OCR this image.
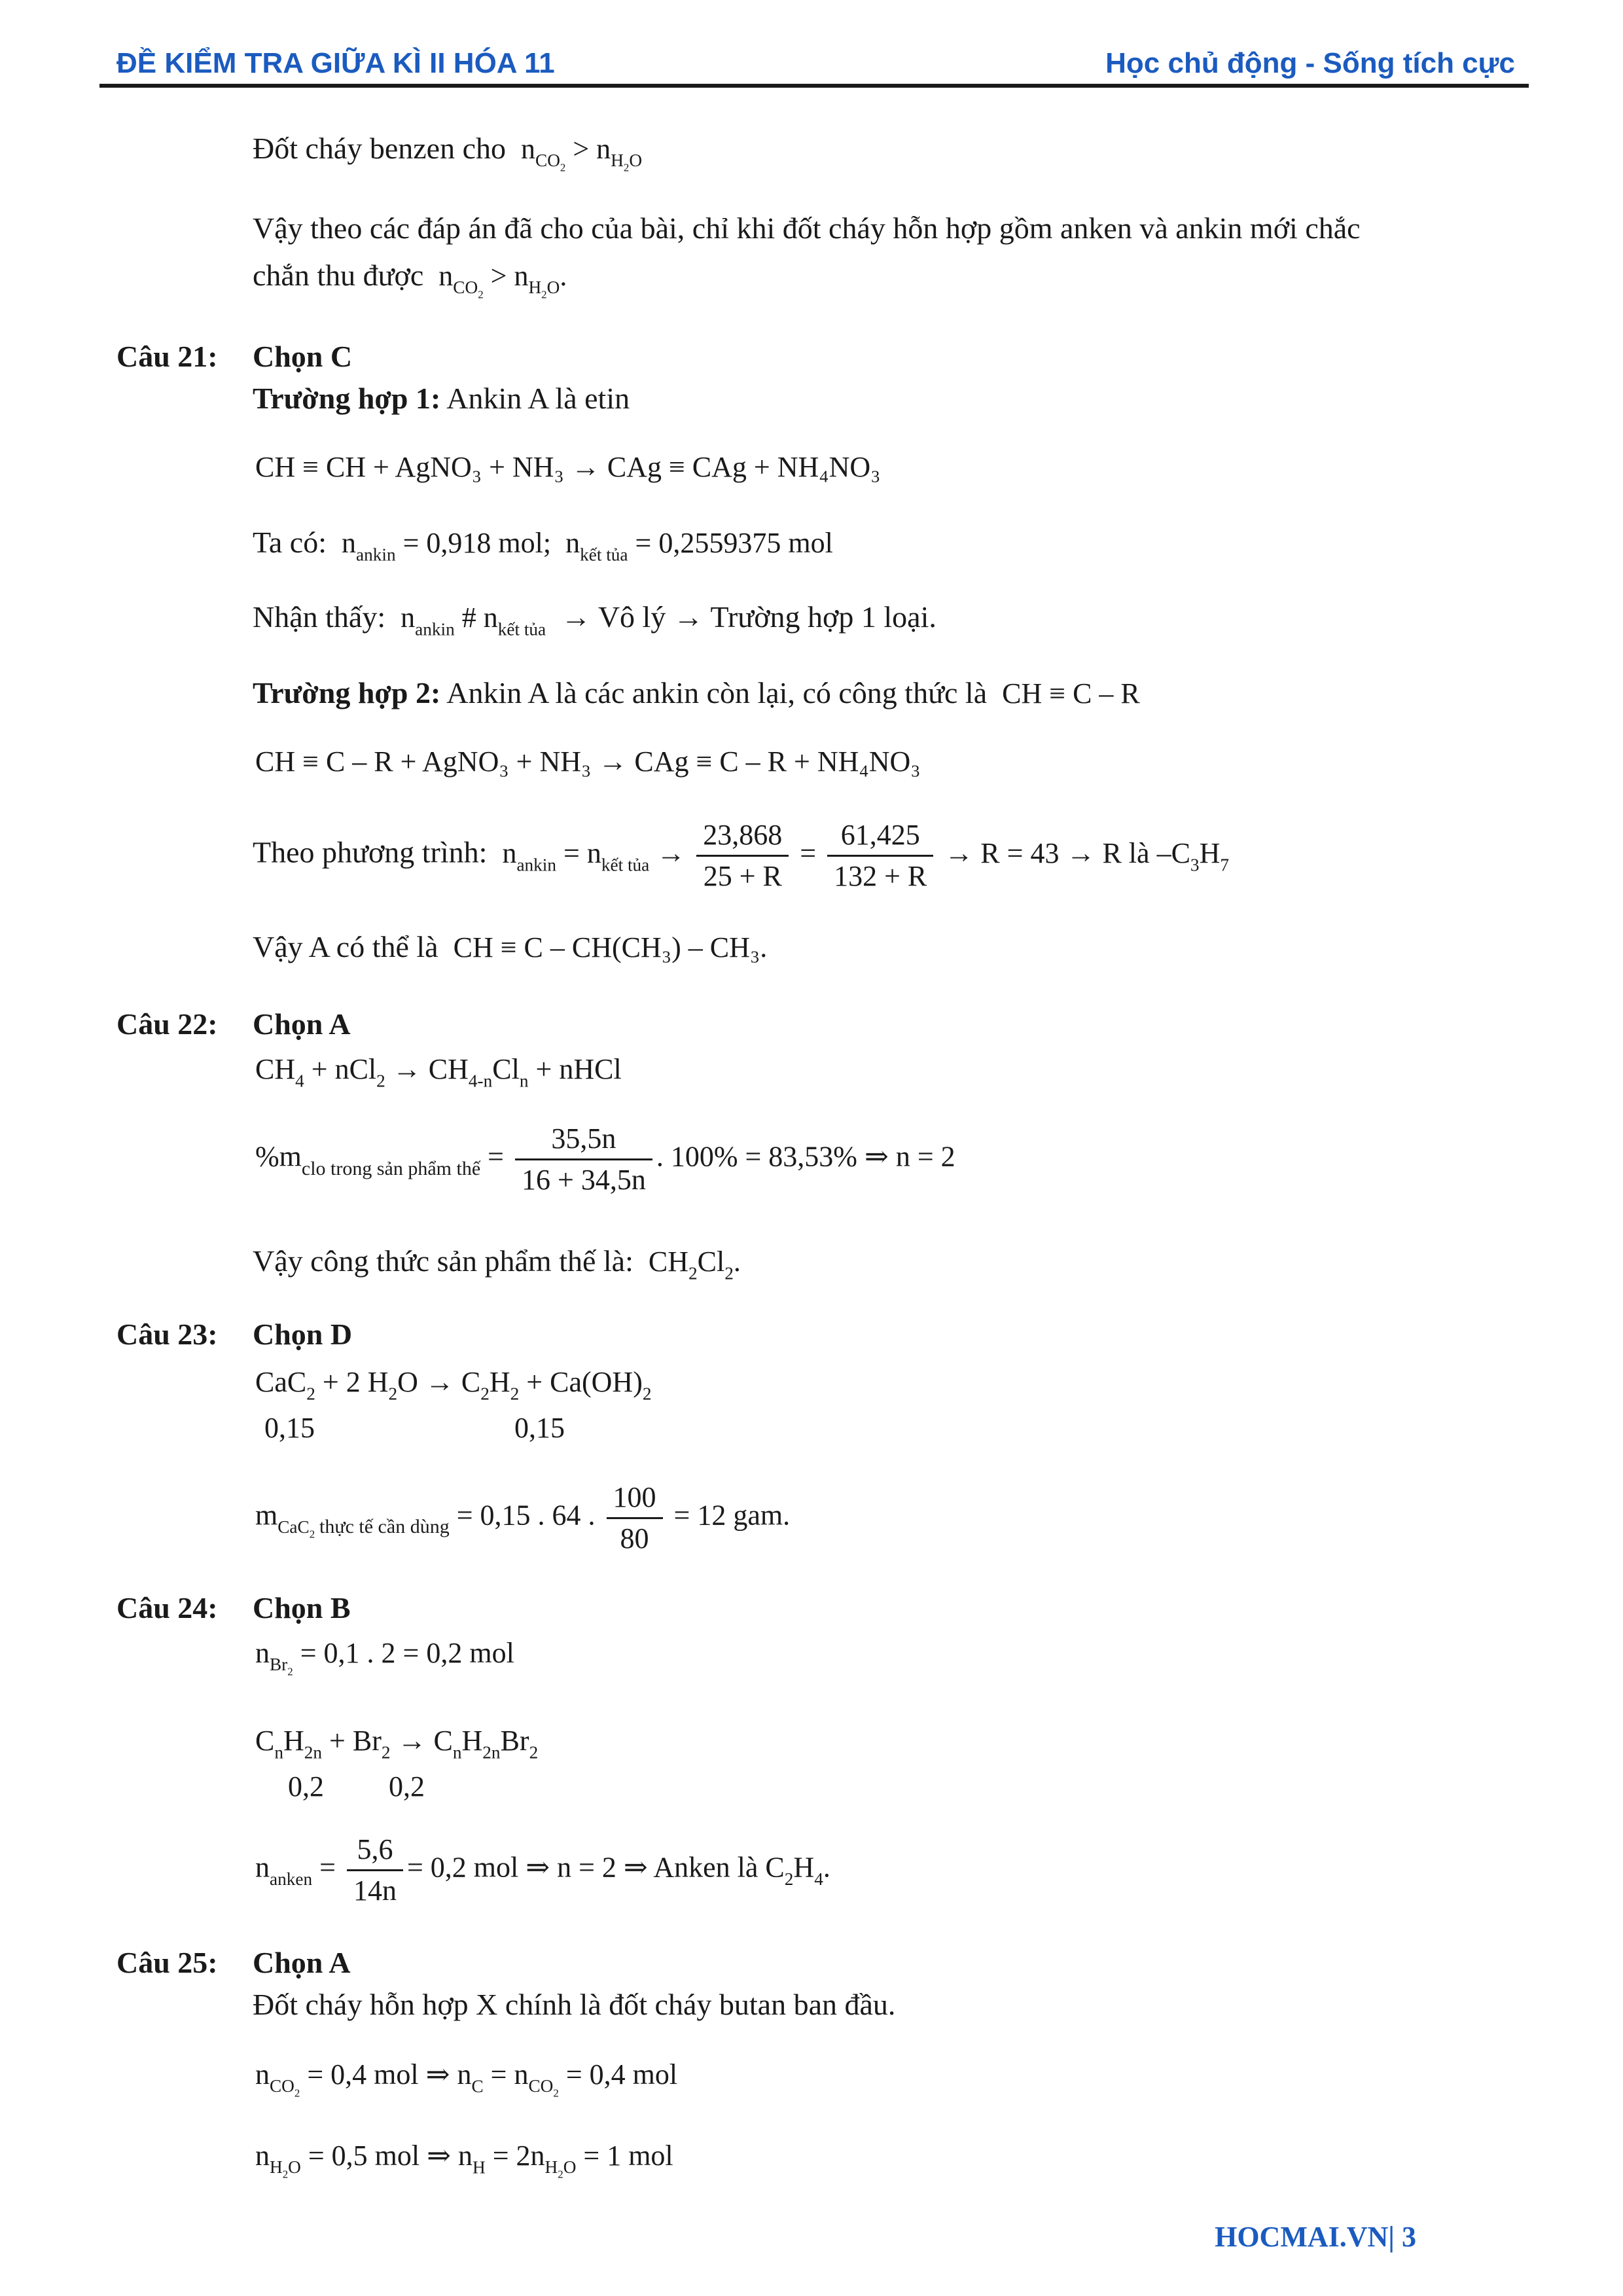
ĐỀ KIỂM TRA GIỮA KÌ II HÓA 11	Học chủ động - Sống tích cực
Đốt cháy benzen cho $n_{CO_2} > n_{H_2O}$
Vậy theo các đáp án đã cho của bài, chỉ khi đốt cháy hỗn hợp gồm anken và ankin mới chắc
chắn thu được $n_{CO_2} > n_{H_2O}$.
Câu 21: Chọn C
Trường hợp 1: Ankin A là etin
CH ≡ CH + AgNO₃ + NH₃ → CAg ≡ CAg + NH₄NO₃
Ta có: $n_{ankin} = 0,918$ mol;  $n_{kết tủa} = 0,2559375$ mol
Nhận thấy: $n_{ankin}$ # $n_{kết tủa}$  → Vô lý → Trường hợp 1 loại.
Trường hợp 2: Ankin A là các ankin còn lại, có công thức là CH ≡ C – R
CH ≡ C – R + AgNO₃ + NH₃ → CAg ≡ C – R + NH₄NO₃
Theo phương trình: $n_{ankin} = n_{kết tủa} \to \frac{23,868}{25 + R} = \frac{61,425}{132 + R} \to R = 43 \to R$ là $-C_3H_7$
Vậy A có thể là CH ≡ C – CH(CH₃) – CH₃.
Câu 22: Chọn A
$CH_4 + nCl_2 \to CH_{4-n}Cl_n$ + nHCl
$\%m_{clo trong sản phẩm thế} = \frac{35,5n}{16 + 34,5n}$ . 100% = 83,53% ⇒ n = 2
Vậy công thức sản phẩm thế là: $CH_2Cl_2$.
Câu 23: Chọn D
CaC$_2$ + 2 $H_2O \to C_2H_2 + Ca(OH)_2$
0,15	0,15
$m_{CaC_2 thực tế cần dùng} = 0,15$ . 64 . $\frac{100}{80} = 12$ gam.
Câu 24: Chọn B
$n_{Br_2} = 0,1$ . 2 = 0,2 mol
$C_nH_{2n} + Br_2 \to C_nH_{2n}Br_2$
0,2 0,2
$n_{anken} = \frac{5,6}{14n} = 0,2$ mol ⇒ n = 2 ⇒ Anken là $C_2H_4$.
Câu 25: Chọn A
Đốt cháy hỗn hợp X chính là đốt cháy butan ban đầu.
$n_{CO_2} = 0,4$ mol ⇒ $n_C = n_{CO_2} = 0,4$ mol
$n_{H_2O} = 0,5$ mol ⇒ $n_H = 2n_{H_2O} = 1$ mol
HOCMAI.VN| 3
